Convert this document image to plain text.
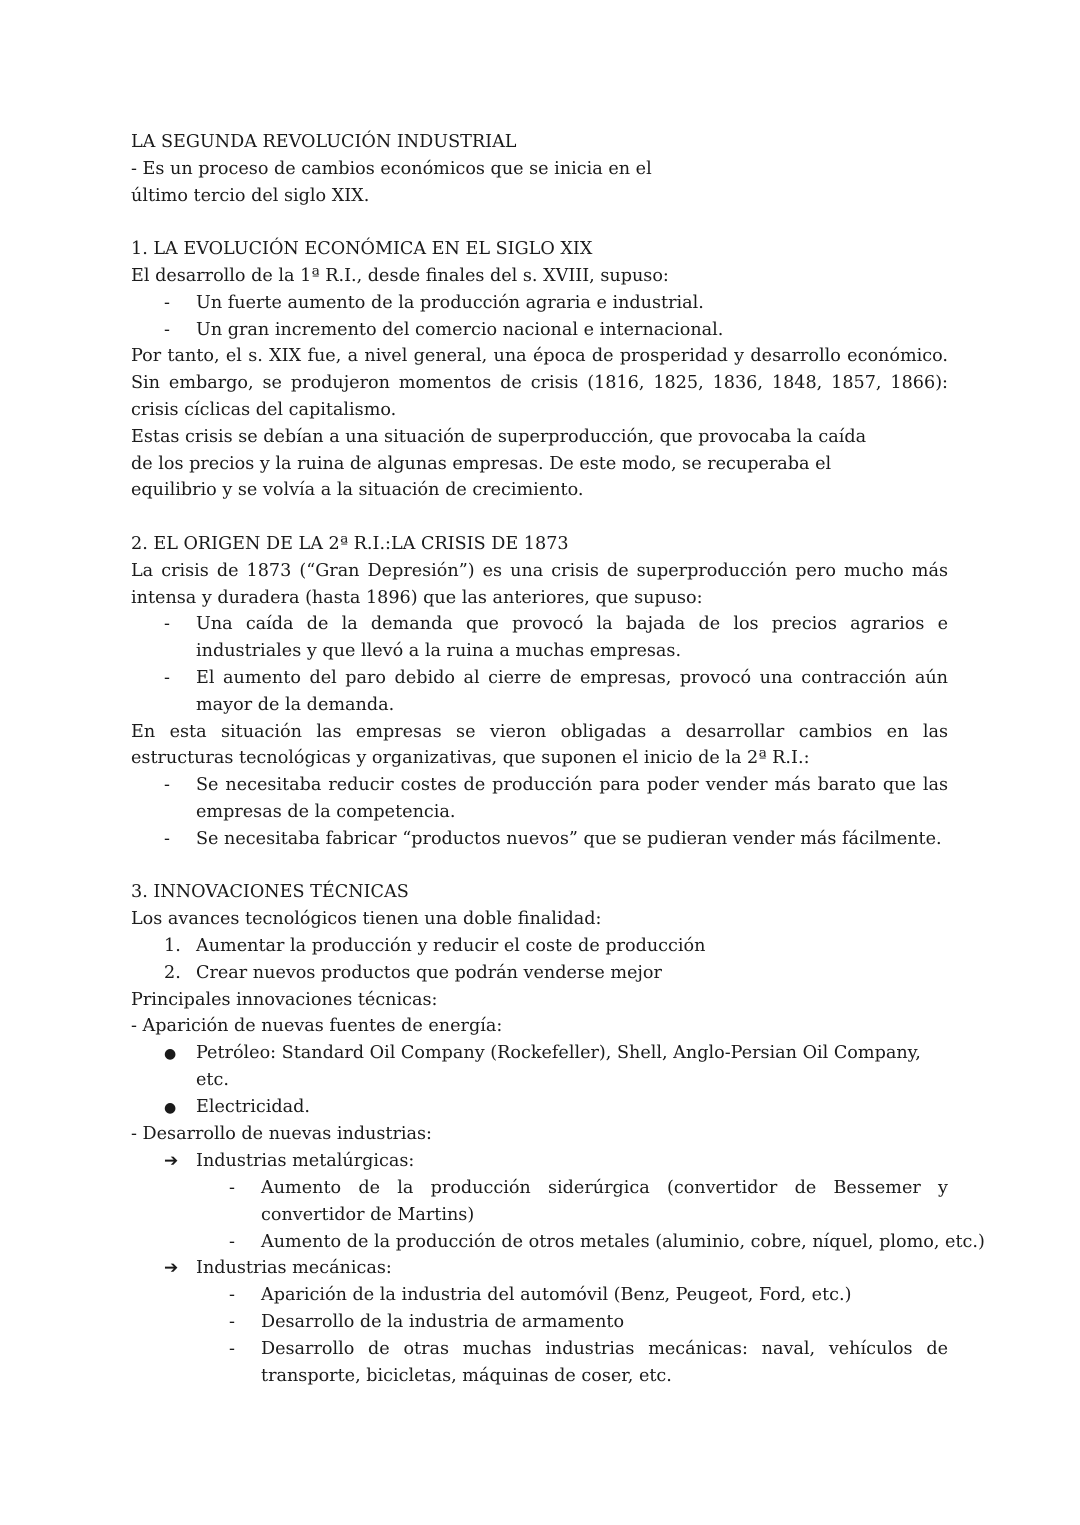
LA SEGUNDA REVOLUCIÓN INDUSTRIAL

- Es un proceso de cambios económicos que se inicia en el

último tercio del siglo XIX.

1. LA EVOLUCIÓN ECONÓMICA EN EL SIGLO XIX

El desarrollo de la 1ª R.I., desde finales del s. XVIII, supuso:

-	Un fuerte aumento de la producción agraria e industrial.
-	Un gran incremento del comercio nacional e internacional.

Por tanto, el s. XIX fue, a nivel general, una época de prosperidad y desarrollo económico. Sin embargo, se produjeron momentos de crisis (1816, 1825, 1836, 1848, 1857, 1866): crisis cíclicas del capitalismo.

Estas crisis se debían a una situación de superproducción, que provocaba la caída de los precios y la ruina de algunas empresas. De este modo, se recuperaba el equilibrio y se volvía a la situación de crecimiento.

2. EL ORIGEN DE LA 2ª R.I.:LA CRISIS DE 1873

La crisis de 1873 (“Gran Depresión”) es una crisis de superproducción pero mucho más intensa y duradera (hasta 1896) que las anteriores, que supuso:

-	Una caída de la demanda que provocó la bajada de los precios agrarios e industriales y que llevó a la ruina a muchas empresas.
-	El aumento del paro debido al cierre de empresas, provocó una contracción aún mayor de la demanda.

En esta situación las empresas se vieron obligadas a desarrollar cambios en las estructuras tecnológicas y organizativas, que suponen el inicio de la 2ª R.I.:

-	Se necesitaba reducir costes de producción para poder vender más barato que las empresas de la competencia.
-	Se necesitaba fabricar “productos nuevos” que se pudieran vender más fácilmente.

3. INNOVACIONES TÉCNICAS

Los avances tecnológicos tienen una doble finalidad:

1. Aumentar la producción y reducir el coste de producción
2. Crear nuevos productos que podrán venderse mejor

Principales innovaciones técnicas:

- Aparición de nuevas fuentes de energía:

●	Petróleo: Standard Oil Company (Rockefeller), Shell, Anglo-Persian Oil Company, etc.
●	Electricidad.

- Desarrollo de nuevas industrias:

➔	Industrias metalúrgicas:
-	Aumento de la producción siderúrgica (convertidor de Bessemer y convertidor de Martins)
-	Aumento de la producción de otros metales (aluminio, cobre, níquel, plomo, etc.)
➔	Industrias mecánicas:
-	Aparición de la industria del automóvil (Benz, Peugeot, Ford, etc.)
-	Desarrollo de la industria de armamento
-	Desarrollo de otras muchas industrias mecánicas: naval, vehículos de transporte, bicicletas, máquinas de coser, etc.
